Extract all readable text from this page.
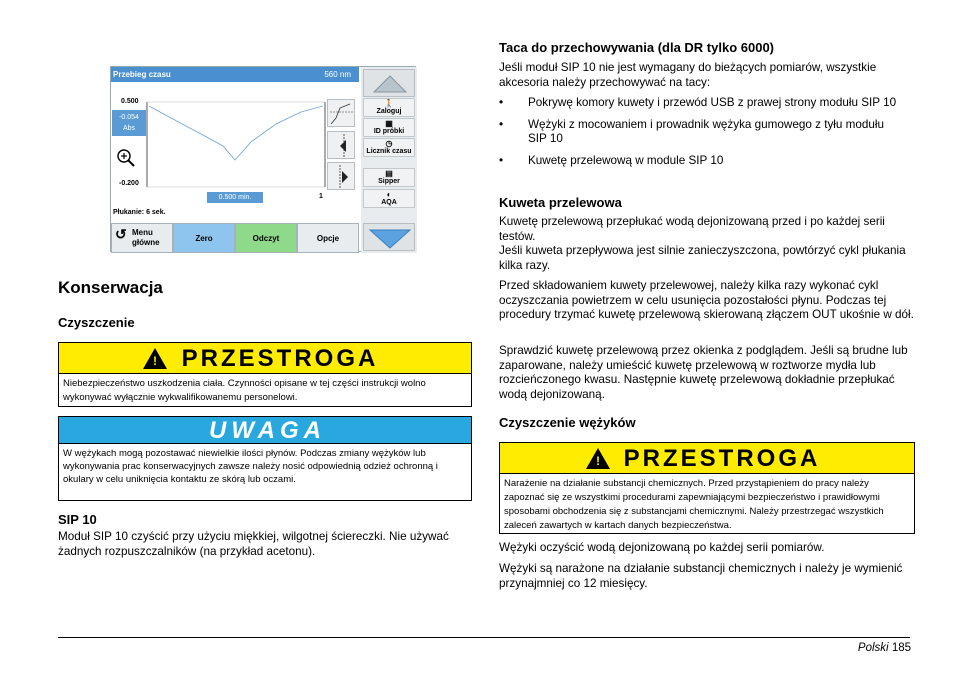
Przebieg czasu	560 nm
0.500
-0.200
-0.054
Abs
0.500 min.	1
Płukanie: 6 sek.
🚶
Zaloguj
▦
ID próbki
◷
Licznik czasu
▤
Sipper
◐
AQA
↺ Menu
główne	Zero	Odczyt	Opcje
Konserwacja
Czyszczenie
!	PRZESTROGA
Niebezpieczeństwo uszkodzenia ciała. Czynności opisane w tej części instrukcji wolno wykonywać wyłącznie wykwalifikowanemu personelowi.
UWAGA
W wężykach mogą pozostawać niewielkie ilości płynów. Podczas zmiany wężyków lub wykonywania prac konserwacyjnych zawsze należy nosić odpowiednią odzież ochronną i okulary w celu uniknięcia kontaktu ze skórą lub oczami.
SIP 10
Moduł SIP 10 czyścić przy użyciu miękkiej, wilgotnej ściereczki. Nie używać żadnych rozpuszczalników (na przykład acetonu).
Taca do przechowywania (dla DR tylko 6000)
Jeśli moduł SIP 10 nie jest wymagany do bieżących pomiarów, wszystkie akcesoria należy przechowywać na tacy:
• Pokrywę komory kuwety i przewód USB z prawej strony modułu SIP 10
• Wężyki z mocowaniem i prowadnik wężyka gumowego z tyłu modułu SIP 10
• Kuwetę przelewową w module SIP 10
Kuweta przelewowa
Kuwetę przelewową przepłukać wodą dejonizowaną przed i po każdej serii testów.
Jeśli kuweta przepływowa jest silnie zanieczyszczona, powtórzyć cykl płukania kilka razy.
Przed składowaniem kuwety przelewowej, należy kilka razy wykonać cykl oczyszczania powietrzem w celu usunięcia pozostałości płynu. Podczas tej procedury trzymać kuwetę przelewową skierowaną złączem OUT ukośnie w dół.
Sprawdzić kuwetę przelewową przez okienka z podglądem. Jeśli są brudne lub zaparowane, należy umieścić kuwetę przelewową w roztworze mydła lub rozcieńczonego kwasu. Następnie kuwetę przelewową dokładnie przepłukać wodą dejonizowaną.
Czyszczenie wężyków
! PRZESTROGA
Narażenie na działanie substancji chemicznych. Przed przystąpieniem do pracy należy zapoznać się ze wszystkimi procedurami zapewniającymi bezpieczeństwo i prawidłowymi sposobami obchodzenia się z substancjami chemicznymi. Należy przestrzegać wszystkich zaleceń zawartych w kartach danych bezpieczeństwa.
Wężyki oczyścić wodą dejonizowaną po każdej serii pomiarów.
Wężyki są narażone na działanie substancji chemicznych i należy je wymienić przynajmniej co 12 miesięcy.
Polski 185
